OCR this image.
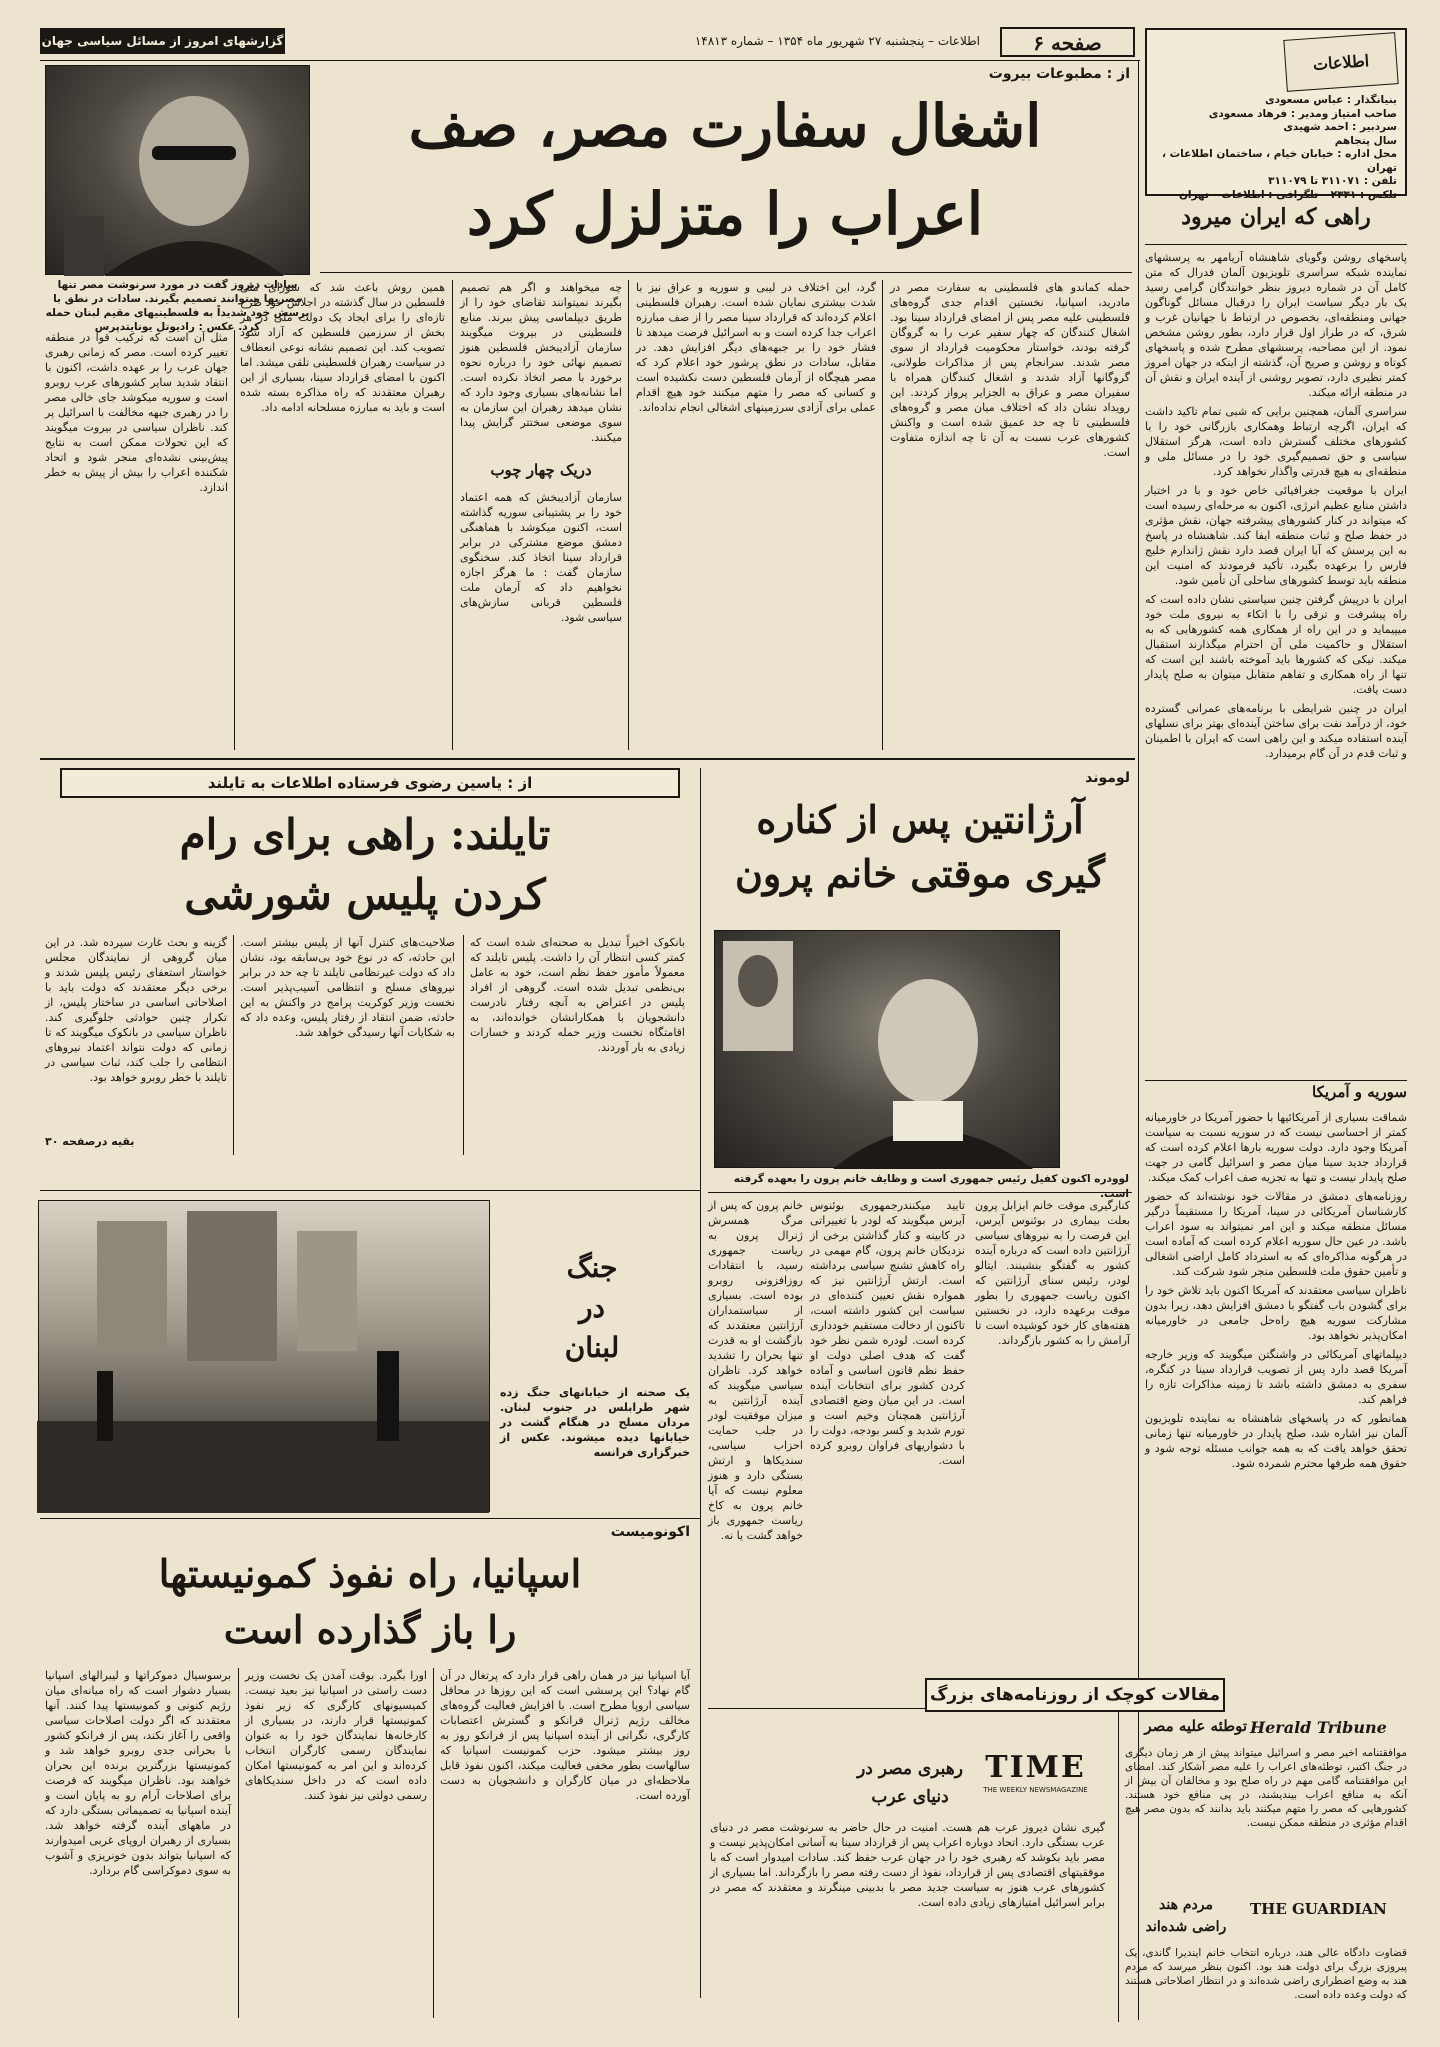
گزارشهای امروز از مسائل سیاسی جهان	اطلاعات – پنجشنبه ۲۷ شهریور ماه ۱۳۵۴ – شماره ۱۴۸۱۳	صفحه ۶
اطلاعات
بنیانگذار : عباس مسعودی
صاحب امتیاز ومدیر : فرهاد مسعودی
سردبیر : احمد شهیدی
سال پنجاهم
محل اداره : خیابان خیام ، ساختمان اطلاعات ، تهران
تلفن : ۳۱۱۰۷۱ تا ۳۱۱۰۷۹
تلکس : ۲۳۳۱ – تلگرافی : اطلاعات – تهران
راهی که ایران میرود

پاسخهای روشن وگویای شاهنشاه آریامهر به پرسشهای نماینده شبکه سراسری تلویزیون آلمان فدرال که متن کامل آن در شماره دیروز بنظر خوانندگان گرامی رسید یک بار دیگر سیاست ایران را درقبال مسائل گوناگون جهانی ومنطقه‌ای، بخصوص در ارتباط با جهانیان غرب و شرق، که در طراز اول قرار دارد، بطور روشن مشخص نمود. از این مصاحبه، پرسشهای مطرح شده و پاسخهای کوتاه و روشن و صریح آن، گذشته از اینکه در جهان امروز کمتر نظیری دارد، تصویر روشنی از آینده ایران و نقش آن در منطقه ارائه میکند.

سراسری آلمان، همچنین برایی که شبی تمام تاکید داشت که ایران، اگرچه ارتباط وهمکاری بازرگانی خود را با کشورهای مختلف گسترش داده است، هرگز استقلال سیاسی و حق تصمیم‌گیری خود را در مسائل ملی و منطقه‌ای به هیچ قدرتی واگذار نخواهد کرد.

ایران با موقعیت جغرافیائی خاص خود و با در اختیار داشتن منابع عظیم انرژی، اکنون به مرحله‌ای رسیده است که میتواند در کنار کشورهای پیشرفته جهان، نقش مؤثری در حفظ صلح و ثبات منطقه ایفا کند. شاهنشاه در پاسخ به این پرسش که آیا ایران قصد دارد نقش ژاندارم خلیج فارس را برعهده بگیرد، تأکید فرمودند که امنیت این منطقه باید توسط کشورهای ساحلی آن تأمین شود.

ایران با درپیش گرفتن چنین سیاستی نشان داده است که راه پیشرفت و ترقی را با اتکاء به نیروی ملت خود میپیماید و در این راه از همکاری همه کشورهایی که به استقلال و حاکمیت ملی آن احترام میگذارند استقبال میکند. نیکی که کشورها باید آموخته باشند این است که تنها از راه همکاری و تفاهم متقابل میتوان به صلح پایدار دست یافت.

ایران در چنین شرایطی با برنامه‌های عمرانی گسترده خود، از درآمد نفت برای ساختن آینده‌ای بهتر برای نسلهای آینده استفاده میکند و این راهی است که ایران با اطمینان و ثبات قدم در آن گام برمیدارد.

سوریه و آمریکا

شماقت بسیاری از آمریکائیها با حضور آمریکا در خاورمیانه کمتر از احساسی نیست که در سوریه نسبت به سیاست آمریکا وجود دارد. دولت سوریه بارها اعلام کرده است که قرارداد جدید سینا میان مصر و اسرائیل گامی در جهت صلح پایدار نیست و تنها به تجزیه صف اعراب کمک میکند.

روزنامه‌های دمشق در مقالات خود نوشته‌اند که حضور کارشناسان آمریکائی در سینا، آمریکا را مستقیماً درگیر مسائل منطقه میکند و این امر نمیتواند به سود اعراب باشد. در عین حال سوریه اعلام کرده است که آماده است در هرگونه مذاکره‌ای که به استرداد کامل اراضی اشغالی و تأمین حقوق ملت فلسطین منجر شود شرکت کند.

ناظران سیاسی معتقدند که آمریکا اکنون باید تلاش خود را برای گشودن باب گفتگو با دمشق افزایش دهد، زیرا بدون مشارکت سوریه هیچ راه‌حل جامعی در خاورمیانه امکان‌پذیر نخواهد بود.

دیپلماتهای آمریکائی در واشنگتن میگویند که وزیر خارجه آمریکا قصد دارد پس از تصویب قرارداد سینا در کنگره، سفری به دمشق داشته باشد تا زمینه مذاکرات تازه را فراهم کند.

همانطور که در پاسخهای شاهنشاه به نماینده تلویزیون آلمان نیز اشاره شد، صلح پایدار در خاورمیانه تنها زمانی تحقق خواهد یافت که به همه جوانب مسئله توجه شود و حقوق همه طرفها محترم شمرده شود.

سادات دیروز گفت در مورد سرنوشت مصر تنها مصریها میتوانند تصمیم بگیرند. سادات در نطق با پرسش خود شدیداً به فلسطینیهای مقیم لبنان حمله کرد. عکس : رادیوتل یونایتدپرس
از : مطبوعات بیروت
اشغال سفارت مصر، صف
اعراب را متزلزل کرد
حمله کماندو های فلسطینی به سفارت مصر در مادرید، اسپانیا، نخستین اقدام جدی گروه‌های فلسطینی علیه مصر پس از امضای قرارداد سینا بود. اشغال کنندگان که چهار سفیر عرب را به گروگان گرفته بودند، خواستار محکومیت قرارداد از سوی مصر شدند. سرانجام پس از مذاکرات طولانی، گروگانها آزاد شدند و اشغال کنندگان همراه با سفیران مصر و عراق به الجزایر پرواز کردند. این رویداد نشان داد که اختلاف میان مصر و گروه‌های فلسطینی تا چه حد عمیق شده است و واکنش کشورهای عرب نسبت به آن تا چه اندازه متفاوت است.
گرد، این اختلاف در لیبی و سوریه و عراق نیز با شدت بیشتری نمایان شده است. رهبران فلسطینی اعلام کرده‌اند که قرارداد سینا مصر را از صف مبارزه اعراب جدا کرده است و به اسرائیل فرصت میدهد تا فشار خود را بر جبهه‌های دیگر افزایش دهد. در مقابل، سادات در نطق پرشور خود اعلام کرد که مصر هیچگاه از آرمان فلسطین دست نکشیده است و کسانی که مصر را متهم میکنند خود هیچ اقدام عملی برای آزادی سرزمینهای اشغالی انجام نداده‌اند.
چه میخواهند و اگر هم تصمیم بگیرند نمیتوانند تقاضای خود را از طریق دیپلماسی پیش ببرند. منابع فلسطینی در بیروت میگویند سازمان آزادیبخش فلسطین هنوز تصمیم نهائی خود را درباره نحوه برخورد با مصر اتخاذ نکرده است. اما نشانه‌های بسیاری وجود دارد که نشان میدهد رهبران این سازمان به سوی موضعی سختتر گرایش پیدا میکنند.
دریک چهار چوب
سازمان آزادیبخش که همه اعتماد خود را بر پشتیبانی سوریه گذاشته است، اکنون میکوشد با هماهنگی دمشق موضع مشترکی در برابر قرارداد سینا اتخاذ کند. سخنگوی سازمان گفت : ما هرگز اجازه نخواهیم داد که آرمان ملت فلسطین قربانی سازش‌های سیاسی شود.
همین روش باعث شد که شورای ملی فلسطین در سال گذشته در اجلاس خود طرح تازه‌ای را برای ایجاد یک دولت ملی در هر بخش از سرزمین فلسطین که آزاد شود تصویب کند. این تصمیم نشانه نوعی انعطاف در سیاست رهبران فلسطینی تلقی میشد. اما اکنون با امضای قرارداد سینا، بسیاری از این رهبران معتقدند که راه مذاکره بسته شده است و باید به مبارزه مسلحانه ادامه داد.
مثل آن است که ترکیب قوا در منطقه تغییر کرده است. مصر که زمانی رهبری جهان عرب را بر عهده داشت، اکنون با انتقاد شدید سایر کشورهای عرب روبرو است و سوریه میکوشد جای خالی مصر را در رهبری جبهه مخالفت با اسرائیل پر کند. ناظران سیاسی در بیروت میگویند که این تحولات ممکن است به نتایج پیش‌بینی نشده‌ای منجر شود و اتحاد شکننده اعراب را بیش از پیش به خطر اندازد.
از : یاسین رضوی فرستاده اطلاعات به تایلند
تایلند: راهی برای رام
کردن پلیس شورشی
بانکوک اخیراً تبدیل به صحنه‌ای شده است که کمتر کسی انتظار آن را داشت. پلیس تایلند که معمولاً مأمور حفظ نظم است، خود به عامل بی‌نظمی تبدیل شده است. گروهی از افراد پلیس در اعتراض به آنچه رفتار نادرست دانشجویان با همکارانشان خوانده‌اند، به اقامتگاه نخست وزیر حمله کردند و خسارات زیادی به بار آوردند.
صلاحیت‌های کنترل آنها از پلیس بیشتر است. این حادثه، که در نوع خود بی‌سابقه بود، نشان داد که دولت غیرنظامی تایلند تا چه حد در برابر نیروهای مسلح و انتظامی آسیب‌پذیر است. نخست وزیر کوکریت پرامج در واکنش به این حادثه، ضمن انتقاد از رفتار پلیس، وعده داد که به شکایات آنها رسیدگی خواهد شد.
گزینه و بحث غارت سپرده شد. در این میان گروهی از نمایندگان مجلس خواستار استعفای رئیس پلیس شدند و برخی دیگر معتقدند که دولت باید با اصلاحاتی اساسی در ساختار پلیس، از تکرار چنین حوادثی جلوگیری کند. ناظران سیاسی در بانکوک میگویند که تا زمانی که دولت نتواند اعتماد نیروهای انتظامی را جلب کند، ثبات سیاسی در تایلند با خطر روبرو خواهد بود.
بقیه درصفحه ۳۰
لوموند
آرژانتین پس از کناره
گیری موقتی خانم پرون
لوودره اکنون کفیل رئیس جمهوری است و وظایف خانم پرون را بعهده گرفته است.
کنارگیری موقت خانم ایزابل پرون بعلت بیماری در بوئنوس آیرس، این فرصت را به نیروهای سیاسی آرژانتین داده است که درباره آینده کشور به گفتگو بنشینند. ایتالو لودر، رئیس سنای آرژانتین که اکنون ریاست جمهوری را بطور موقت برعهده دارد، در نخستین هفته‌های کار خود کوشیده است تا آرامش را به کشور بازگرداند.
تایید میکنندرجمهوری بوئنوس آیرس میگویند که لودر با تغییراتی در کابینه و کنار گذاشتن برخی از نزدیکان خانم پرون، گام مهمی در راه کاهش تشنج سیاسی برداشته است. ارتش آرژانتین نیز که همواره نقش تعیین کننده‌ای در سیاست این کشور داشته است، تاکنون از دخالت مستقیم خودداری کرده است. لودره شمن نظر خود گفت که هدف اصلی دولت او حفظ نظم قانون اساسی و آماده کردن کشور برای انتخابات آینده است. در این میان وضع اقتصادی آرژانتین همچنان وخیم است و تورم شدید و کسر بودجه، دولت را با دشواریهای فراوان روبرو کرده است.
خانم پرون که پس از مرگ همسرش ژنرال پرون به ریاست جمهوری رسید، با انتقادات روزافزونی روبرو بوده است. بسیاری از سیاستمداران آرژانتین معتقدند که بازگشت او به قدرت تنها بحران را تشدید خواهد کرد. ناظران سیاسی میگویند که آینده آرژانتین به میزان موفقیت لودر در جلب حمایت احزاب سیاسی، سندیکاها و ارتش بستگی دارد و هنوز معلوم نیست که آیا خانم پرون به کاخ ریاست جمهوری باز خواهد گشت یا نه.
جنگ
در
لبنان
یک صحنه از خیابانهای جنگ زده شهر طرابلس در جنوب لبنان. مردان مسلح در هنگام گشت در خیابانها دیده میشوند. عکس از خبرگزاری فرانسه
اکونومیست
اسپانیا، راه نفوذ کمونیستها
را باز گذارده است
آیا اسپانیا نیز در همان راهی قرار دارد که پرتغال در آن گام نهاد؟ این پرسشی است که این روزها در محافل سیاسی اروپا مطرح است. با افزایش فعالیت گروه‌های مخالف رژیم ژنرال فرانکو و گسترش اعتصابات کارگری، نگرانی از آینده اسپانیا پس از فرانکو روز به روز بیشتر میشود. حزب کمونیست اسپانیا که سالهاست بطور مخفی فعالیت میکند، اکنون نفوذ قابل ملاحظه‌ای در میان کارگران و دانشجویان به دست آورده است.
اورا بگیرد. بوقت آمدن یک نخست وزیر دست راستی در اسپانیا نیز بعید نیست. کمیسیونهای کارگری که زیر نفوذ کمونیستها قرار دارند، در بسیاری از کارخانه‌ها نمایندگان خود را به عنوان نمایندگان رسمی کارگران انتخاب کرده‌اند و این امر به کمونیستها امکان داده است که در داخل سندیکاهای رسمی دولتی نیز نفوذ کنند.
برسوسیال دموکراتها و لیبرالهای اسپانیا بسیار دشوار است که راه میانه‌ای میان رژیم کنونی و کمونیستها پیدا کنند. آنها معتقدند که اگر دولت اصلاحات سیاسی واقعی را آغاز نکند، پس از فرانکو کشور با بحرانی جدی روبرو خواهد شد و کمونیستها بزرگترین برنده این بحران خواهند بود. ناظران میگویند که فرصت برای اصلاحات آرام رو به پایان است و آینده اسپانیا به تصمیماتی بستگی دارد که در ماههای آینده گرفته خواهد شد. بسیاری از رهبران اروپای غربی امیدوارند که اسپانیا بتواند بدون خونریزی و آشوب به سوی دموکراسی گام بردارد.
مقالات کوچک از روزنامه‌های بزرگ
TIME
THE WEEKLY NEWSMAGAZINE
رهبری مصر در
دنیای عرب
گیری نشان دیروز عرب هم هست. امنیت در حال حاضر به سرنوشت مصر در دنیای عرب بستگی دارد. اتحاد دوباره اعراب پس از قرارداد سینا به آسانی امکان‌پذیر نیست و مصر باید بکوشد که رهبری خود را در جهان عرب حفظ کند. سادات امیدوار است که با موفقیتهای اقتصادی پس از قرارداد، نفوذ از دست رفته مصر را بازگرداند. اما بسیاری از کشورهای عرب هنوز به سیاست جدید مصر با بدبینی مینگرند و معتقدند که مصر در برابر اسرائیل امتیازهای زیادی داده است.
Herald Tribune
توطئه علیه مصر
موافقتنامه اخیر مصر و اسرائیل میتواند پیش از هر زمان دیگری در جنگ اکتبر، توطئه‌های اعراب را علیه مصر آشکار کند. امضای این موافقتنامه گامی مهم در راه صلح بود و مخالفان آن بیش از آنکه به منافع اعراب بیندیشند، در پی منافع خود هستند. کشورهایی که مصر را متهم میکنند باید بدانند که بدون مصر هیچ اقدام مؤثری در منطقه ممکن نیست.
THE GUARDIAN
مردم هند
راضی شده‌اند
قضاوت دادگاه عالی هند، درباره انتخاب خانم ایندیرا گاندی، یک پیروزی بزرگ برای دولت هند بود. اکنون بنظر میرسد که مردم هند به وضع اضطراری راضی شده‌اند و در انتظار اصلاحاتی هستند که دولت وعده داده است.
